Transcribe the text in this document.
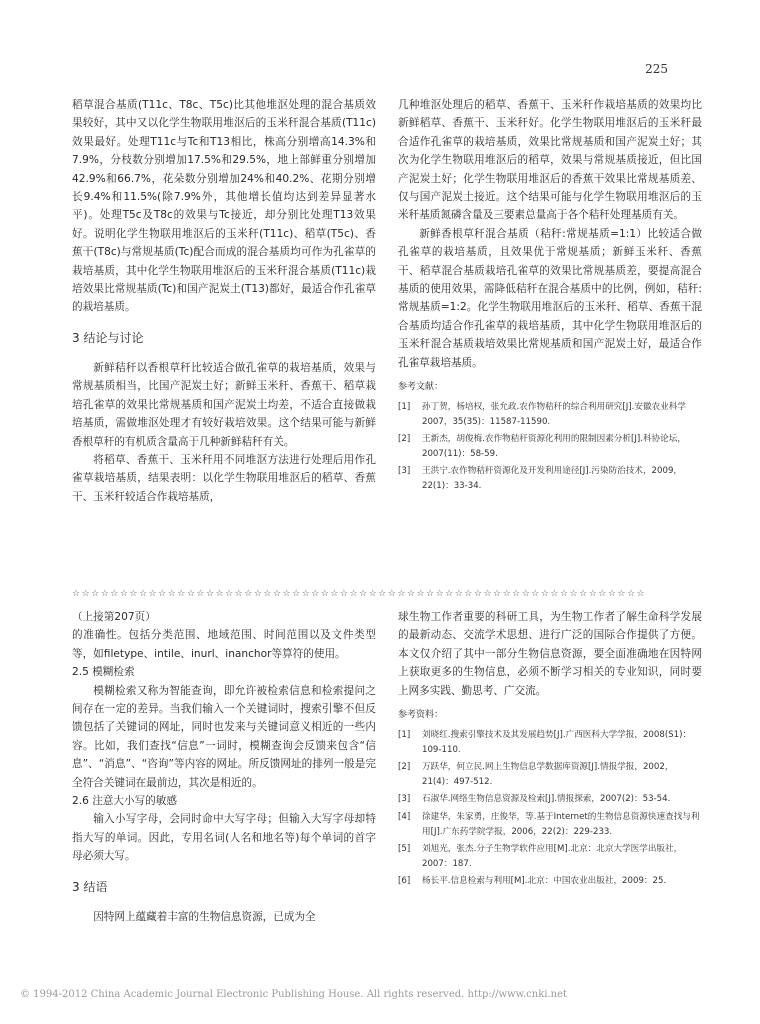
225

稻草混合基质(T11c、T8c、T5c)比其他堆沤处理的混合基质效果较好，其中又以化学生物联用堆沤后的玉米秆混合基质(T11c)效果最好。处理T11c与Tc和T13相比，株高分别增高14.3%和7.9%，分枝数分别增加17.5%和29.5%，地上部鲜重分别增加42.9%和66.7%，花朵数分别增加24%和40.2%、花期分别增长9.4%和11.5%(除7.9%外，其他增长值均达到差异显著水平)。处理T5c及T8c的效果与Tc接近，却分别比处理T13效果好。说明化学生物联用堆沤后的玉米秆(T11c)、稻草(T5c)、香蕉干(T8c)与常规基质(Tc)配合而成的混合基质均可作为孔雀草的栽培基质，其中化学生物联用堆沤后的玉米秆混合基质(T11c)栽培效果比常规基质(Tc)和国产泥炭土(T13)都好，最适合作孔雀草的栽培基质。

3 结论与讨论

新鲜秸秆以香根草秆比较适合做孔雀草的栽培基质，效果与常规基质相当，比国产泥炭土好；新鲜玉米秆、香蕉干、稻草栽培孔雀草的效果比常规基质和国产泥炭土均差，不适合直接做栽培基质，需做堆沤处理才有较好栽培效果。这个结果可能与新鲜香根草秆的有机质含量高于几种新鲜秸秆有关。

将稻草、香蕉干、玉米秆用不同堆沤方法进行处理后用作孔雀草栽培基质，结果表明：以化学生物联用堆沤后的稻草、香蕉干、玉米秆较适合作栽培基质，

几种堆沤处理后的稻草、香蕉干、玉米秆作栽培基质的效果均比新鲜稻草、香蕉干、玉米秆好。化学生物联用堆沤后的玉米秆最合适作孔雀草的栽培基质，效果比常规基质和国产泥炭土好；其次为化学生物联用堆沤后的稻草，效果与常规基质接近，但比国产泥炭土好；化学生物联用堆沤后的香蕉干效果比常规基质差、仅与国产泥炭土接近。这个结果可能与化学生物联用堆沤后的玉米秆基质氮磷含量及三要素总量高于各个秸秆处理基质有关。

新鲜香根草秆混合基质（秸秆:常规基质=1:1）比较适合做孔雀草的栽培基质，且效果优于常规基质；新鲜玉米秆、香蕉干、稻草混合基质栽培孔雀草的效果比常规基质差，要提高混合基质的使用效果，需降低秸秆在混合基质中的比例，例如，秸秆:常规基质=1:2。化学生物联用堆沤后的玉米秆、稻草、香蕉干混合基质均适合作孔雀草的栽培基质，其中化学生物联用堆沤后的玉米秆混合基质栽培效果比常规基质和国产泥炭土好，最适合作孔雀草栽培基质。

参考文献：
[1] 孙丁贺，杨培权，张允政.农作物秸秆的综合利用研究[J].安徽农业科学 2007，35(35)：11587-11590.
[2] 王新杰，胡俊梅.农作物秸秆资源化利用的限制因素分析[J].科协论坛，2007(11)：58-59.
[3] 王洪宁.农作物秸秆资源化及开发利用途径[J].污染防治技术，2009，22(1)：33-34.
☆☆☆☆☆☆☆☆☆☆☆☆☆☆☆☆☆☆☆☆☆☆☆☆☆☆☆☆☆☆☆☆☆☆☆☆☆☆☆☆☆☆☆☆☆☆☆☆☆☆☆☆☆☆☆☆☆☆☆☆
（上接第207页）

的准确性。包括分类范围、地域范围、时间范围以及文件类型等，如filetype、intile、inurl、inanchor等算符的使用。

2.5 模糊检索

模糊检索又称为智能查询，即允许被检索信息和检索提问之间存在一定的差异。当我们输入一个关键词时，搜索引擎不但反馈包括了关键词的网址，同时也发来与关键词意义相近的一些内容。比如，我们查找“信息”一词时，模糊查询会反馈来包含“信息”、“消息”、“咨询”等内容的网址。所反馈网址的排列一般是完全符合关键词在最前边，其次是相近的。

2.6 注意大小写的敏感

输入小写字母，会同时命中大写字母；但输入大写字母却特指大写的单词。因此，专用名词(人名和地名等)每个单词的首字母必须大写。

3 结语

因特网上蕴藏着丰富的生物信息资源，已成为全

球生物工作者重要的科研工具，为生物工作者了解生命科学发展的最新动态、交流学术思想、进行广泛的国际合作提供了方便。本文仅介绍了其中一部分生物信息资源，要全面准确地在因特网上获取更多的生物信息，必须不断学习相关的专业知识，同时要上网多实践、勤思考、广交流。

参考资料：
[1] 刘晓红.搜索引擎技术及其发展趋势[J].广西医科大学学报，2008(S1)：109-110.
[2] 万跃华，何立民.网上生物信息学数据库资源[J].情报学报，2002，21(4)：497-512.
[3] 石淑华.网络生物信息资源及检索[J].情报探索，2007(2)：53-54.
[4] 徐建华，朱家勇，庄俊华，等.基于Internet的生物信息资源快速查找与利用[J].广东药学院学报，2006，22(2)：229-233.
[5] 刘旭光，张杰.分子生物学软件应用[M].北京：北京大学医学出版社，2007：187.
[6] 杨长平.信息检索与利用[M].北京：中国农业出版社，2009：25.
© 1994-2012 China Academic Journal Electronic Publishing House. All rights reserved. http://www.cnki.net
